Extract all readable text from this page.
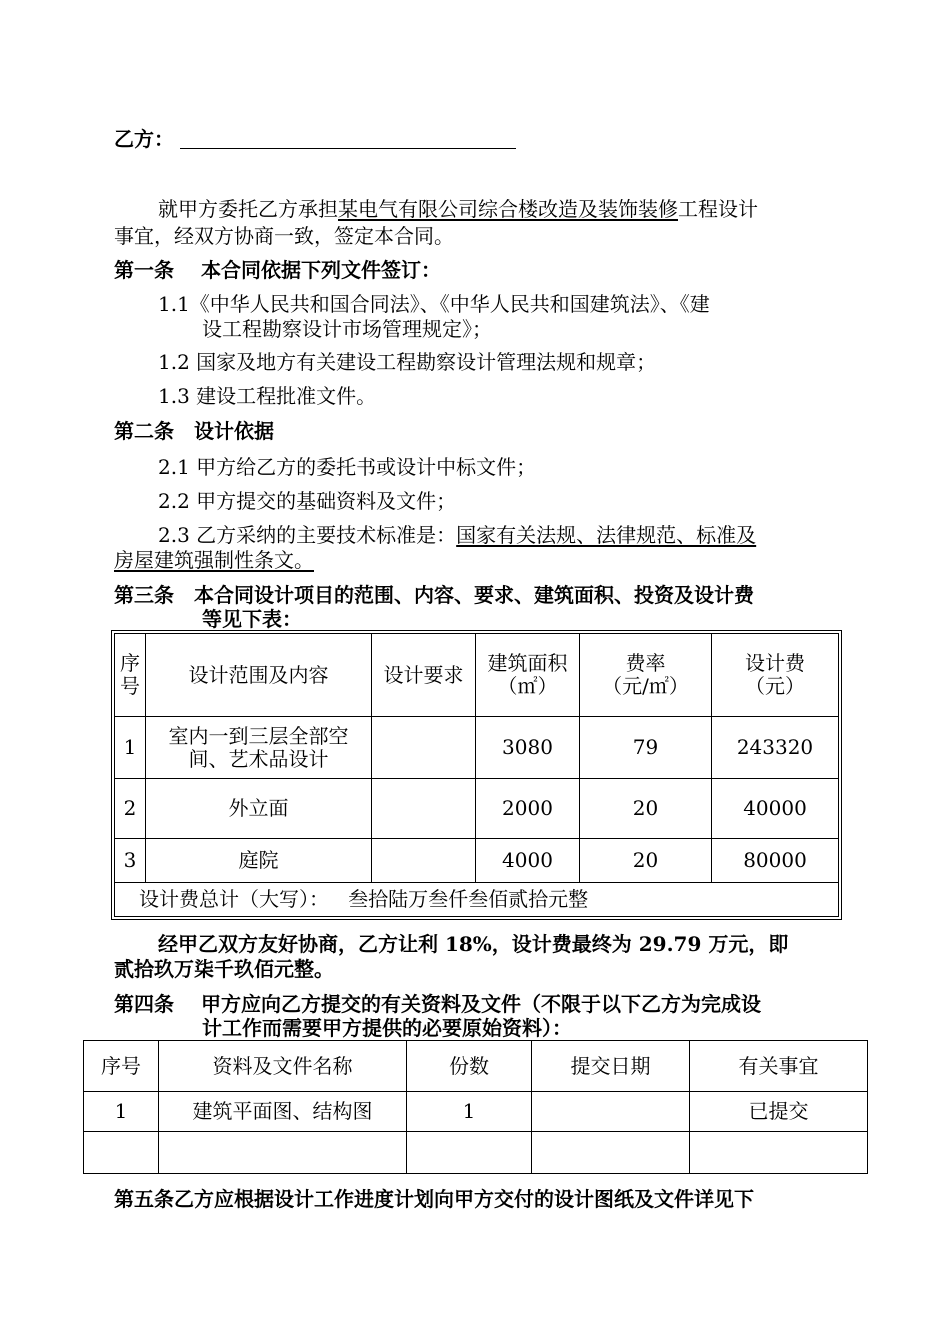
乙方：
就甲方委托乙方承担某电气有限公司综合楼改造及装饰装修工程设计
事宜，经双方协商一致，签定本合同。
第一条　 本合同依据下列文件签订：
1.1《中华人民共和国合同法》、《中华人民共和国建筑法》、《建
设工程勘察设计市场管理规定》；
1.2 国家及地方有关建设工程勘察设计管理法规和规章；
1.3 建设工程批准文件。
第二条　设计依据
2.1 甲方给乙方的委托书或设计中标文件；
2.2 甲方提交的基础资料及文件；
2.3 乙方采纳的主要技术标准是：国家有关法规、法律规范、标准及
房屋建筑强制性条文。
第三条　本合同设计项目的范围、内容、要求、建筑面积、投资及设计费
等见下表：
序
号	设计范围及内容	设计要求	建筑面积
（㎡）	费率
（元/㎡）	设计费
（元）
1	室内一到三层全部空
间、艺术品设计		3080	79	243320
2	外立面		2000	20	40000
3	庭院		4000	20	80000
设计费总计（大写）： 叁拾陆万叁仟叁佰贰拾元整					
经甲乙双方友好协商，乙方让利 18%，设计费最终为 29.79 万元，即
贰拾玖万柒千玖佰元整。
第四条　 甲方应向乙方提交的有关资料及文件（不限于以下乙方为完成设
计工作而需要甲方提供的必要原始资料）：
序号	资料及文件名称	份数	提交日期	有关事宜
1	建筑平面图、结构图	1		已提交

第五条乙方应根据设计工作进度计划向甲方交付的设计图纸及文件详见下
